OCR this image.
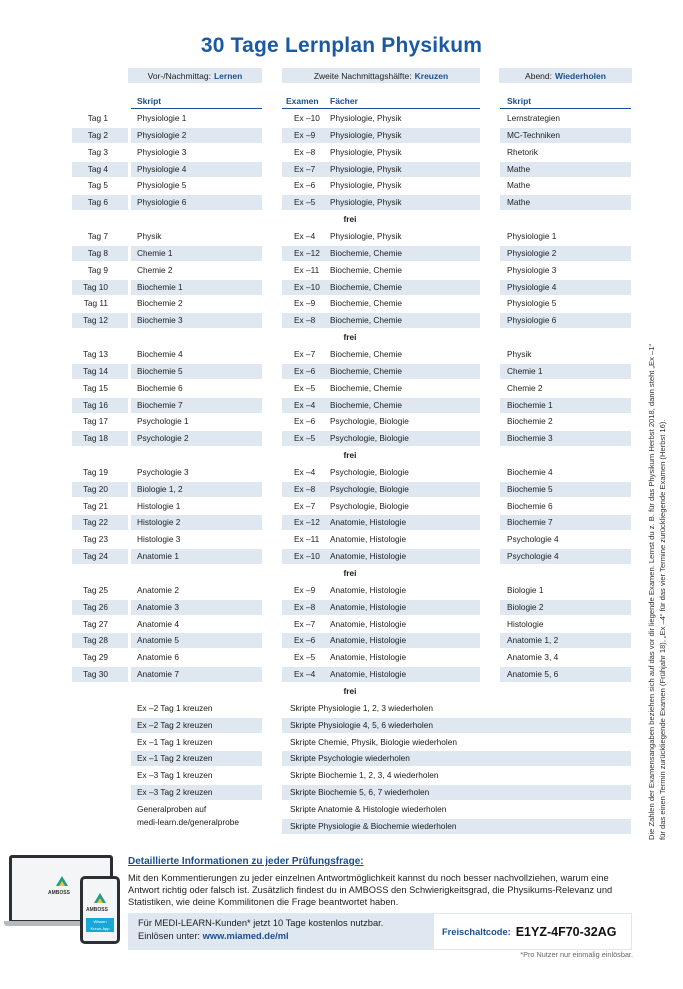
30 Tage Lernplan Physikum
Vor-/Nachmittag: Lernen	Zweite Nachmittagshälfte: Kreuzen	Abend: Wiederholen
Skript	Examen	Fächer	Skript
Tag 1	Physiologie 1	Ex –10	Physiologie, Physik	Lernstrategien
Tag 2	Physiologie 2	Ex –9	Physiologie, Physik	MC-Techniken
Tag 3	Physiologie 3	Ex –8	Physiologie, Physik	Rhetorik
Tag 4	Physiologie 4	Ex –7	Physiologie, Physik	Mathe
Tag 5	Physiologie 5	Ex –6	Physiologie, Physik	Mathe
Tag 6	Physiologie 6	Ex –5	Physiologie, Physik	Mathe
frei
Tag 7	Physik	Ex –4	Physiologie, Physik	Physiologie 1
Tag 8	Chemie 1	Ex –12	Biochemie, Chemie	Physiologie 2
Tag 9	Chemie 2	Ex –11	Biochemie, Chemie	Physiologie 3
Tag 10	Biochemie 1	Ex –10	Biochemie, Chemie	Physiologie 4
Tag 11	Biochemie 2	Ex –9	Biochemie, Chemie	Physiologie 5
Tag 12	Biochemie 3	Ex –8	Biochemie, Chemie	Physiologie 6
frei
Tag 13	Biochemie 4	Ex –7	Biochemie, Chemie	Physik
Tag 14	Biochemie 5	Ex –6	Biochemie, Chemie	Chemie 1
Tag 15	Biochemie 6	Ex –5	Biochemie, Chemie	Chemie 2
Tag 16	Biochemie 7	Ex –4	Biochemie, Chemie	Biochemie 1
Tag 17	Psychologie 1	Ex –6	Psychologie, Biologie	Biochemie 2
Tag 18	Psychologie 2	Ex –5	Psychologie, Biologie	Biochemie 3
frei
Tag 19	Psychologie 3	Ex –4	Psychologie, Biologie	Biochemie 4
Tag 20	Biologie 1, 2	Ex –8	Psychologie, Biologie	Biochemie 5
Tag 21	Histologie 1	Ex –7	Psychologie, Biologie	Biochemie 6
Tag 22	Histologie 2	Ex –12	Anatomie, Histologie	Biochemie 7
Tag 23	Histologie 3	Ex –11	Anatomie, Histologie	Psychologie 4
Tag 24	Anatomie 1	Ex –10	Anatomie, Histologie	Psychologie 4
frei
Tag 25	Anatomie 2	Ex –9	Anatomie, Histologie	Biologie 1
Tag 26	Anatomie 3	Ex –8	Anatomie, Histologie	Biologie 2
Tag 27	Anatomie 4	Ex –7	Anatomie, Histologie	Histologie
Tag 28	Anatomie 5	Ex –6	Anatomie, Histologie	Anatomie 1, 2
Tag 29	Anatomie 6	Ex –5	Anatomie, Histologie	Anatomie 3, 4
Tag 30	Anatomie 7	Ex –4	Anatomie, Histologie	Anatomie 5, 6
frei
Ex –2 Tag 1 kreuzen	Skripte Physiologie 1, 2, 3 wiederholen
Ex –2 Tag 2 kreuzen	Skripte Physiologie 4, 5, 6 wiederholen
Ex –1 Tag 1 kreuzen	Skripte Chemie, Physik, Biologie wiederholen
Ex –1 Tag 2 kreuzen	Skripte Psychologie wiederholen
Ex –3 Tag 1 kreuzen	Skripte Biochemie 1, 2, 3, 4 wiederholen
Ex –3 Tag 2 kreuzen	Skripte Biochemie 5, 6, 7 wiederholen
Generalproben auf	Skripte Anatomie & Histologie wiederholen
medi-learn.de/generalprobe	Skripte Physiologie & Biochemie wiederholen	Die Zahlen der Examensangaben beziehen sich auf das vor dir liegende Examen. Lernst du z. B. für das Physikum Herbst 2018, dann steht „Ex –1“ für das einen Termin zurückliegende Examen (Frühjahr 18), „Ex –4“ für das vier Termine zurückliegende Examen (Herbst 16).
AMBOSS
AMBOSS
Wissen
Kreuz-App
Detaillierte Informationen zu jeder Prüfungsfrage:
Mit den Kommentierungen zu jeder einzelnen Antwortmöglichkeit kannst du noch besser nachvollziehen, warum eine Antwort richtig oder falsch ist. Zusätzlich findest du in AMBOSS den Schwierigkeitsgrad, die Physikums-Relevanz und Statistiken, wie deine Kommilitonen die Frage beantwortet haben.
Für MEDI-LEARN-Kunden* jetzt 10 Tage kostenlos nutzbar.
Einlösen unter: www.miamed.de/ml	Freischaltcode: E1YZ-4F70-32AG
*Pro Nutzer nur einmalig einlösbar.
